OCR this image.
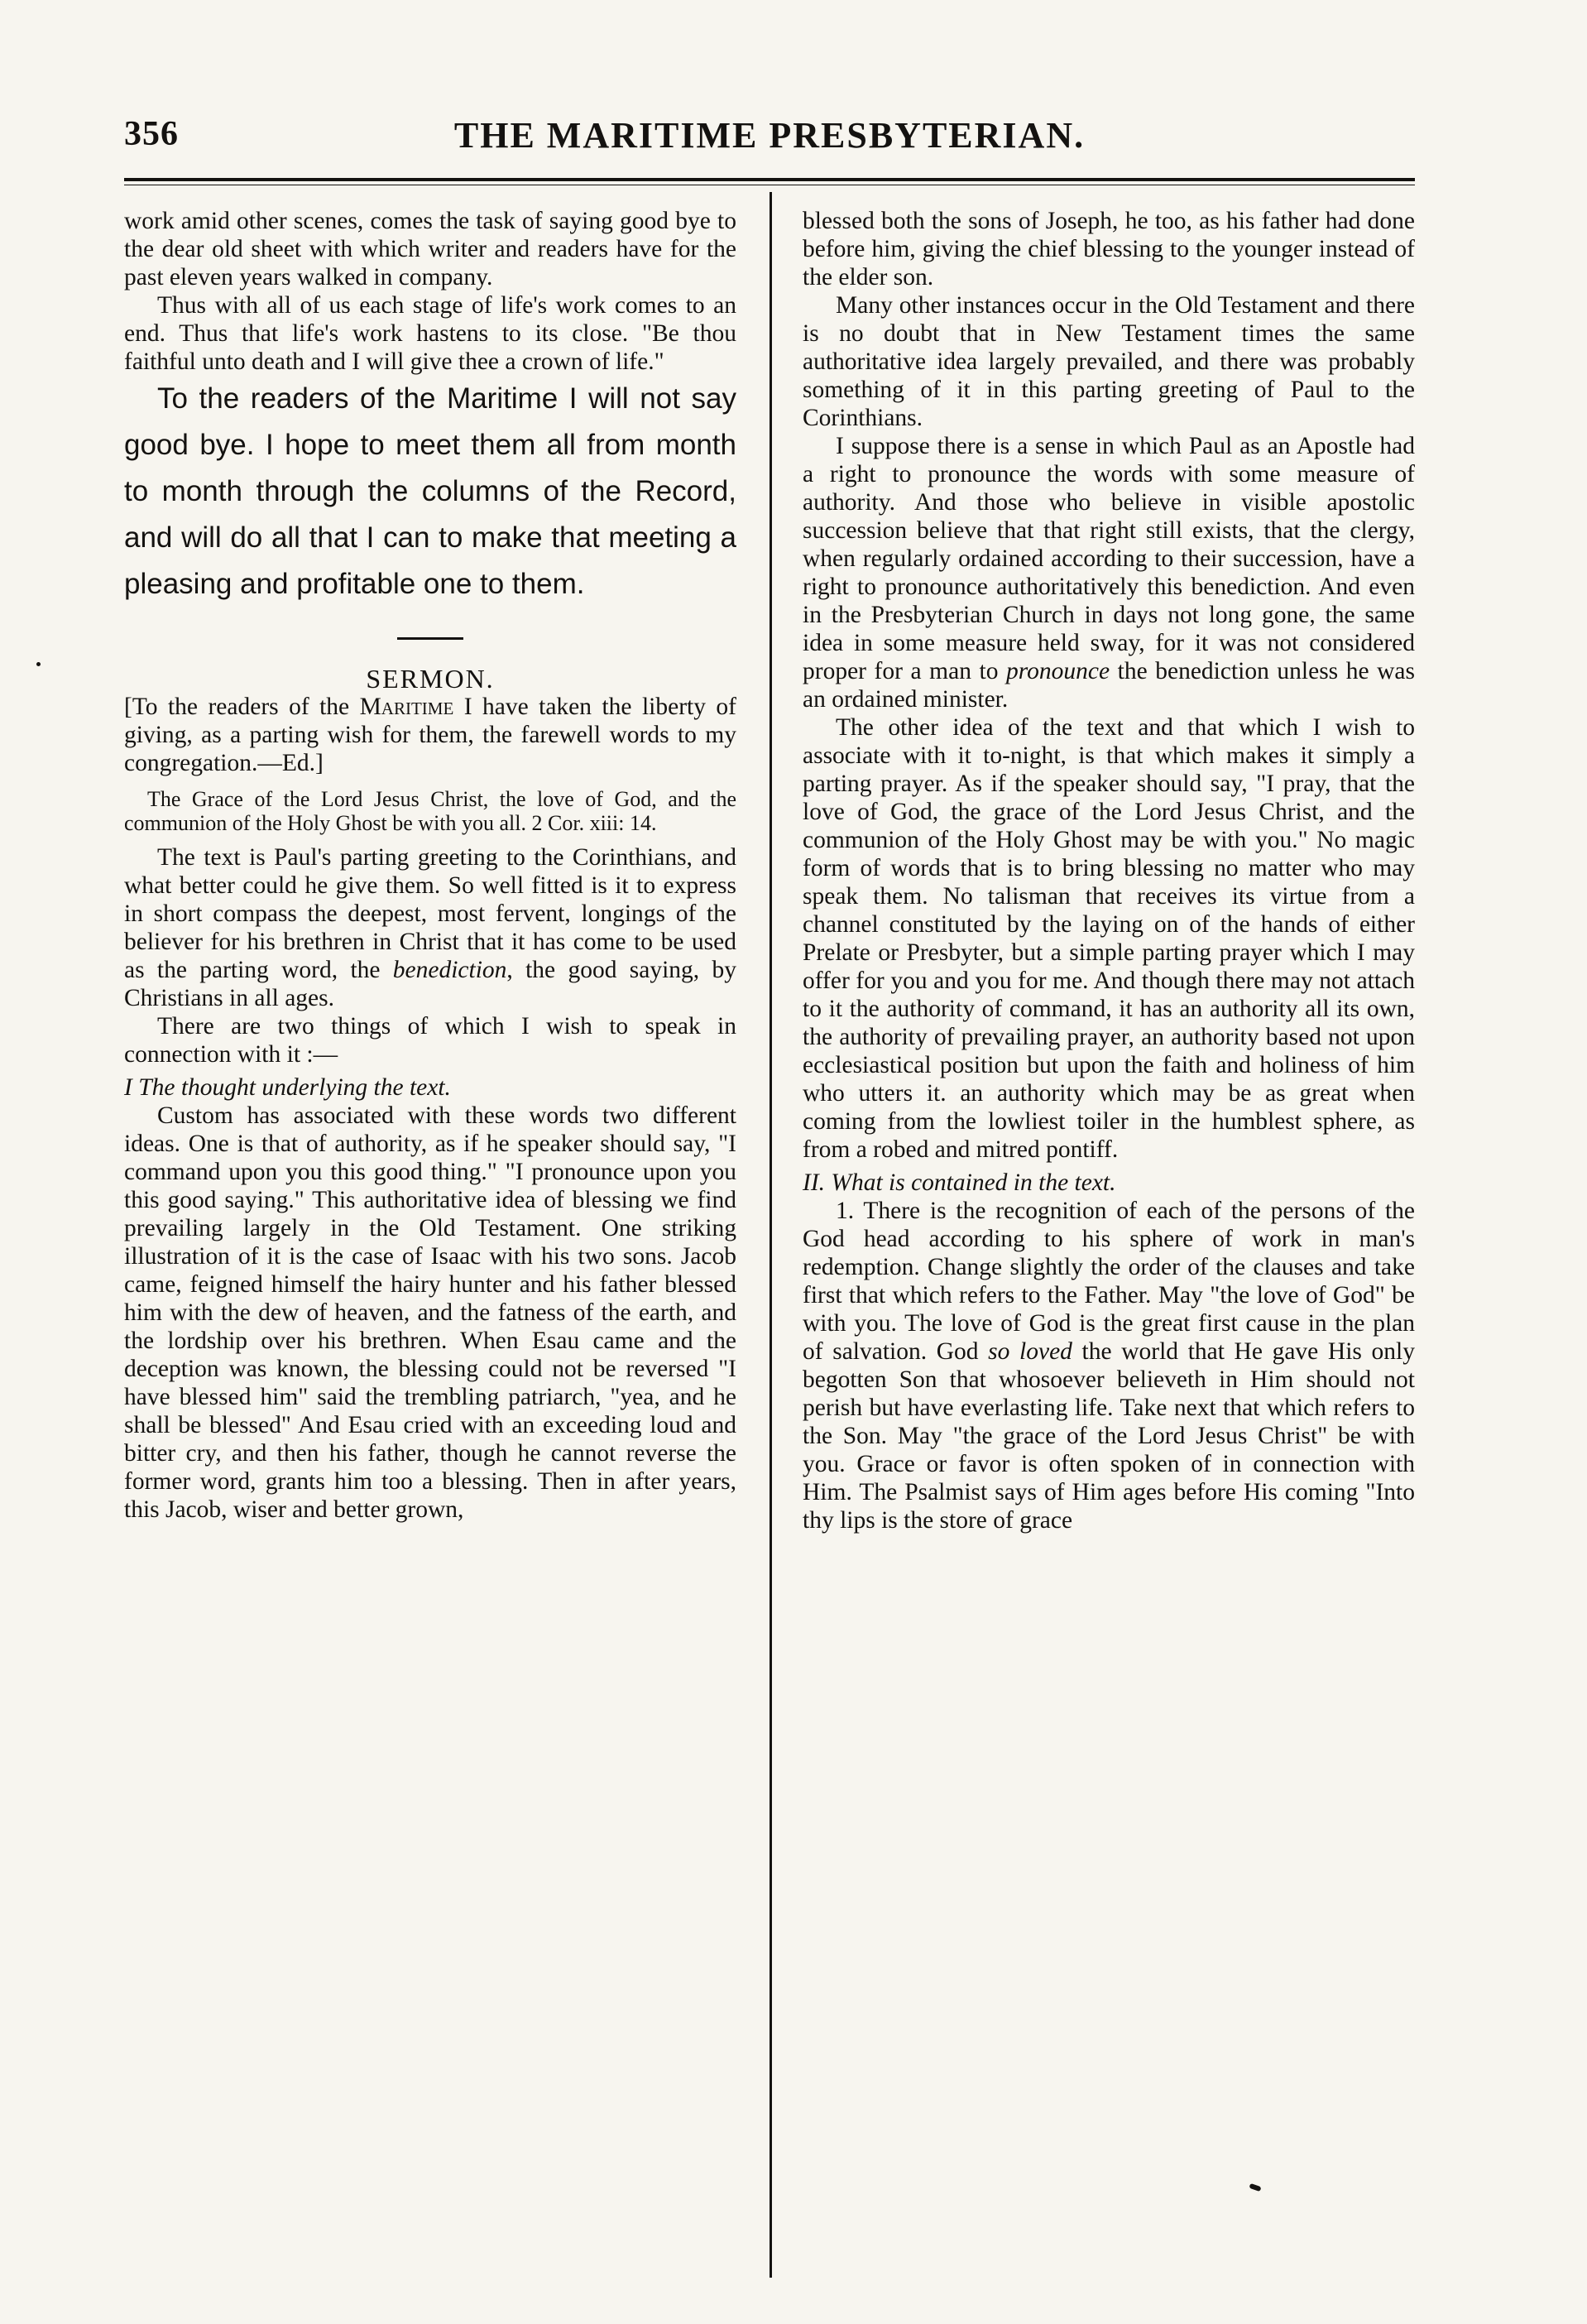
356	THE MARITIME PRESBYTERIAN.

work amid other scenes, comes the task of saying good bye to the dear old sheet with which writer and readers have for the past eleven years walked in company.

Thus with all of us each stage of life's work comes to an end. Thus that life's work hastens to its close. "Be thou faithful unto death and I will give thee a crown of life."

To the readers of the Maritime I will not say good bye. I hope to meet them all from month to month through the columns of the Record, and will do all that I can to make that meeting a pleasing and profitable one to them.

SERMON.

[To the readers of the Maritime I have taken the liberty of giving, as a parting wish for them, the farewell words to my congregation.—Ed.]

The Grace of the Lord Jesus Christ, the love of God, and the communion of the Holy Ghost be with you all. 2 Cor. xiii: 14.

The text is Paul's parting greeting to the Corinthians, and what better could he give them. So well fitted is it to express in short compass the deepest, most fervent, longings of the believer for his brethren in Christ that it has come to be used as the parting word, the benediction, the good saying, by Christians in all ages.

There are two things of which I wish to speak in connection with it :—

I The thought underlying the text.

Custom has associated with these words two different ideas. One is that of authority, as if he speaker should say, "I command upon you this good thing." "I pronounce upon you this good saying." This authoritative idea of blessing we find prevailing largely in the Old Testament. One striking illustration of it is the case of Isaac with his two sons. Jacob came, feigned himself the hairy hunter and his father blessed him with the dew of heaven, and the fatness of the earth, and the lordship over his brethren. When Esau came and the deception was known, the blessing could not be reversed "I have blessed him" said the trembling patriarch, "yea, and he shall be blessed" And Esau cried with an exceeding loud and bitter cry, and then his father, though he cannot reverse the former word, grants him too a blessing. Then in after years, this Jacob, wiser and better grown,

blessed both the sons of Joseph, he too, as his father had done before him, giving the chief blessing to the younger instead of the elder son.

Many other instances occur in the Old Testament and there is no doubt that in New Testament times the same authoritative idea largely prevailed, and there was probably something of it in this parting greeting of Paul to the Corinthians.

I suppose there is a sense in which Paul as an Apostle had a right to pronounce the words with some measure of authority. And those who believe in visible apostolic succession believe that that right still exists, that the clergy, when regularly ordained according to their succession, have a right to pronounce authoritatively this benediction. And even in the Presbyterian Church in days not long gone, the same idea in some measure held sway, for it was not considered proper for a man to pronounce the benediction unless he was an ordained minister.

The other idea of the text and that which I wish to associate with it to-night, is that which makes it simply a parting prayer. As if the speaker should say, "I pray, that the love of God, the grace of the Lord Jesus Christ, and the communion of the Holy Ghost may be with you." No magic form of words that is to bring blessing no matter who may speak them. No talisman that receives its virtue from a channel constituted by the laying on of the hands of either Prelate or Presbyter, but a simple parting prayer which I may offer for you and you for me. And though there may not attach to it the authority of command, it has an authority all its own, the authority of prevailing prayer, an authority based not upon ecclesiastical position but upon the faith and holiness of him who utters it. an authority which may be as great when coming from the lowliest toiler in the humblest sphere, as from a robed and mitred pontiff.

II. What is contained in the text.

1. There is the recognition of each of the persons of the God head according to his sphere of work in man's redemption. Change slightly the order of the clauses and take first that which refers to the Father. May "the love of God" be with you. The love of God is the great first cause in the plan of salvation. God so loved the world that He gave His only begotten Son that whosoever believeth in Him should not perish but have everlasting life. Take next that which refers to the Son. May "the grace of the Lord Jesus Christ" be with you. Grace or favor is often spoken of in connection with Him. The Psalmist says of Him ages before His coming "Into thy lips is the store of grace
